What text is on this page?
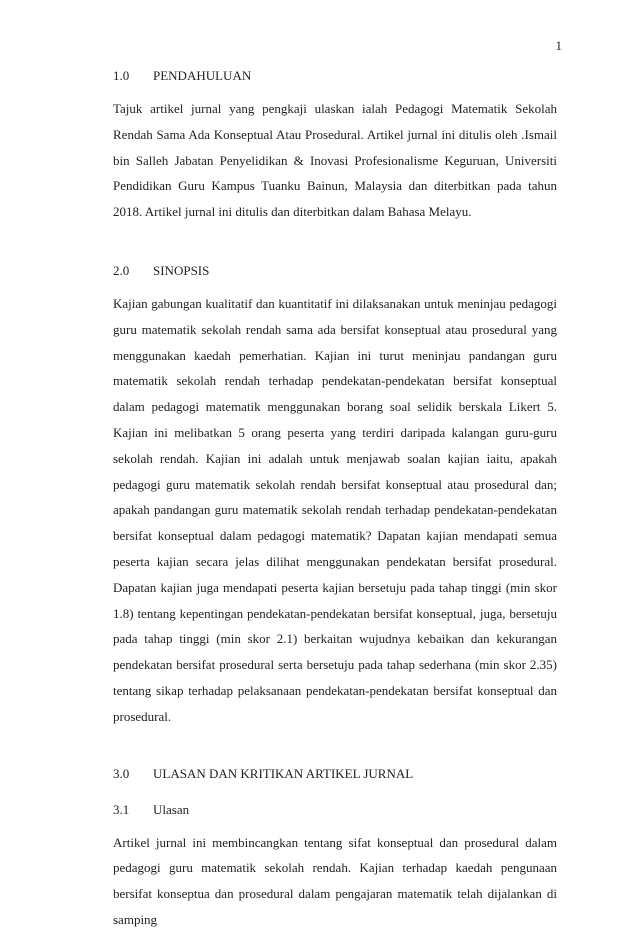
1
1.0 PENDAHULUAN

Tajuk artikel jurnal yang pengkaji ulaskan ialah Pedagogi Matematik Sekolah Rendah Sama Ada Konseptual Atau Prosedural. Artikel jurnal ini ditulis oleh .Ismail bin Salleh Jabatan Penyelidikan & Inovasi Profesionalisme Keguruan, Universiti Pendidikan Guru Kampus Tuanku Bainun, Malaysia dan diterbitkan pada tahun 2018. Artikel jurnal ini ditulis dan diterbitkan dalam Bahasa Melayu.

2.0 SINOPSIS

Kajian gabungan kualitatif dan kuantitatif ini dilaksanakan untuk meninjau pedagogi guru matematik sekolah rendah sama ada bersifat konseptual atau prosedural yang menggunakan kaedah pemerhatian. Kajian ini turut meninjau pandangan guru matematik sekolah rendah terhadap pendekatan-pendekatan bersifat konseptual dalam pedagogi matematik menggunakan borang soal selidik berskala Likert 5. Kajian ini melibatkan 5 orang peserta yang terdiri daripada kalangan guru-guru sekolah rendah. Kajian ini adalah untuk menjawab soalan kajian iaitu, apakah pedagogi guru matematik sekolah rendah bersifat konseptual atau prosedural dan; apakah pandangan guru matematik sekolah rendah terhadap pendekatan-pendekatan bersifat konseptual dalam pedagogi matematik? Dapatan kajian mendapati semua peserta kajian secara jelas dilihat menggunakan pendekatan bersifat prosedural. Dapatan kajian juga mendapati peserta kajian bersetuju pada tahap tinggi (min skor 1.8) tentang kepentingan pendekatan-pendekatan bersifat konseptual, juga, bersetuju pada tahap tinggi (min skor 2.1) berkaitan wujudnya kebaikan dan kekurangan pendekatan bersifat prosedural serta bersetuju pada tahap sederhana (min skor 2.35) tentang sikap terhadap pelaksanaan pendekatan-pendekatan bersifat konseptual dan prosedural.

3.0 ULASAN DAN KRITIKAN ARTIKEL JURNAL
3.1 Ulasan

Artikel jurnal ini membincangkan tentang sifat konseptual dan prosedural dalam pedagogi guru matematik sekolah rendah. Kajian terhadap kaedah pengunaan bersifat konseptua dan prosedural dalam pengajaran matematik telah dijalankan di samping
